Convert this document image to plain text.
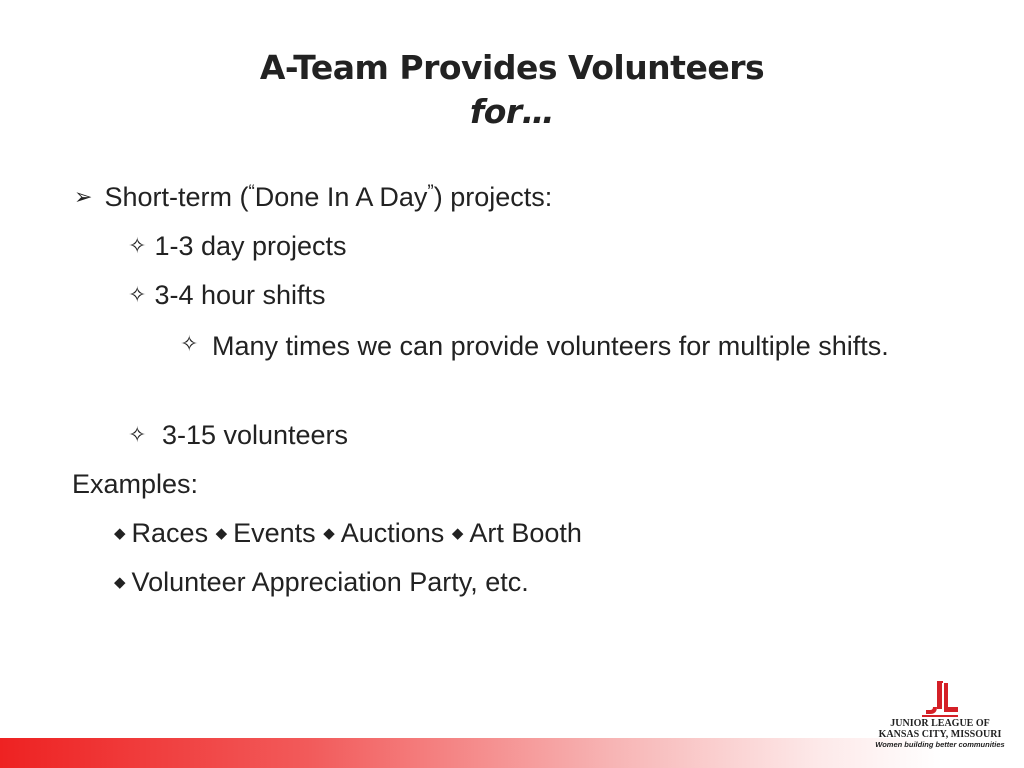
A-Team Provides Volunteers
for…
➢ Short-term (“Done In A Day”) projects:
✧ 1-3 day projects
✧ 3-4 hour shifts
✧ Many times we can provide volunteers for multiple shifts.
✧ 3-15 volunteers
Examples:
◆ Races ◆ Events ◆ Auctions ◆ Art Booth
◆ Volunteer Appreciation Party, etc.
JUNIOR LEAGUE OF
KANSAS CITY, MISSOURI
Women building better communities
